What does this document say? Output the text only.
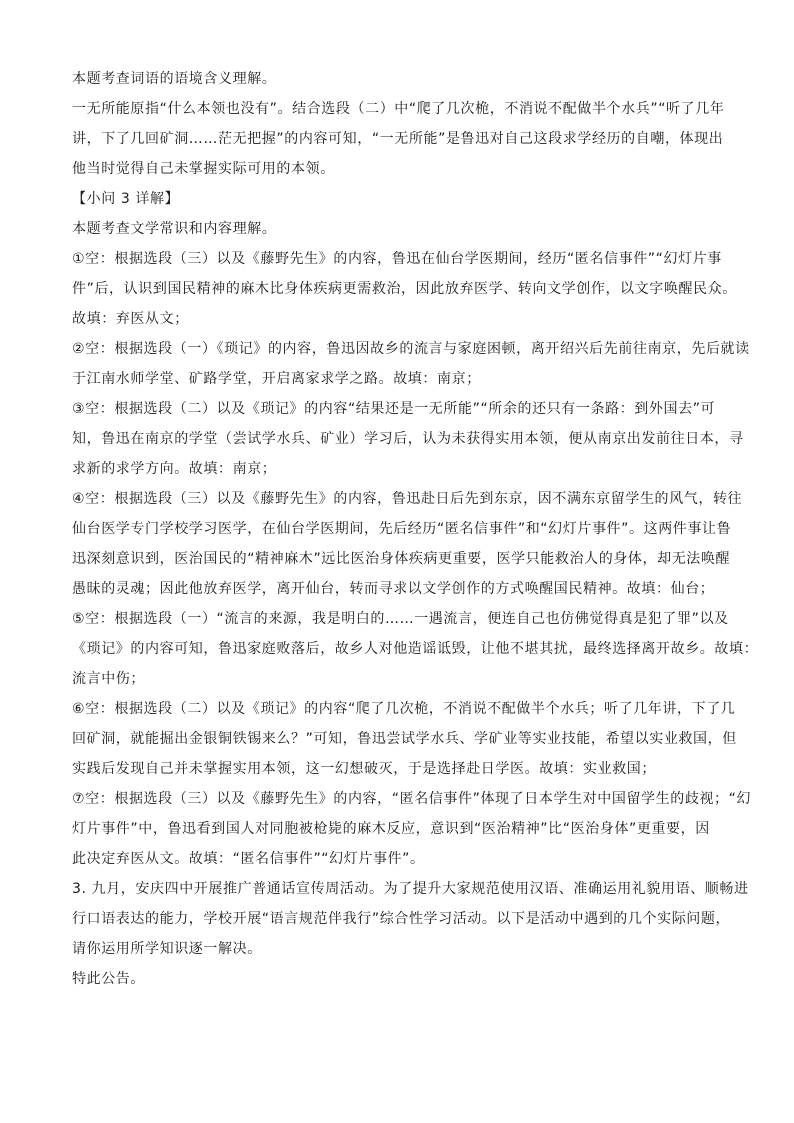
本题考查词语的语境含义理解。
一无所能原指“什么本领也没有”。结合选段（二）中“爬了几次桅，不消说不配做半个水兵”“听了几年
讲，下了几回矿洞……茫无把握”的内容可知，“一无所能”是鲁迅对自己这段求学经历的自嘲，体现出
他当时觉得自己未掌握实际可用的本领。
【小问 3 详解】
本题考查文学常识和内容理解。
①空：根据选段（三）以及《藤野先生》的内容，鲁迅在仙台学医期间，经历“匿名信事件”“幻灯片事
件”后，认识到国民精神的麻木比身体疾病更需救治，因此放弃医学、转向文学创作，以文字唤醒民众。
故填：弃医从文；
②空：根据选段（一）《琐记》的内容，鲁迅因故乡的流言与家庭困顿，离开绍兴后先前往南京，先后就读
于江南水师学堂、矿路学堂，开启离家求学之路。故填：南京；
③空：根据选段（二）以及《琐记》的内容“结果还是一无所能”“所余的还只有一条路：到外国去”可
知，鲁迅在南京的学堂（尝试学水兵、矿业）学习后，认为未获得实用本领，便从南京出发前往日本，寻
求新的求学方向。故填：南京；
④空：根据选段（三）以及《藤野先生》的内容，鲁迅赴日后先到东京，因不满东京留学生的风气，转往
仙台医学专门学校学习医学，在仙台学医期间，先后经历“匿名信事件”和“幻灯片事件”。这两件事让鲁
迅深刻意识到，医治国民的“精神麻木”远比医治身体疾病更重要，医学只能救治人的身体，却无法唤醒
愚昧的灵魂；因此他放弃医学，离开仙台，转而寻求以文学创作的方式唤醒国民精神。故填：仙台；
⑤空：根据选段（一）“流言的来源，我是明白的……一遇流言，便连自己也仿佛觉得真是犯了罪”以及
《琐记》的内容可知，鲁迅家庭败落后，故乡人对他造谣诋毁，让他不堪其扰，最终选择离开故乡。故填：
流言中伤；
⑥空：根据选段（二）以及《琐记》的内容“爬了几次桅，不消说不配做半个水兵；听了几年讲，下了几
回矿洞，就能掘出金银铜铁锡来么？”可知，鲁迅尝试学水兵、学矿业等实业技能，希望以实业救国，但
实践后发现自己并未掌握实用本领，这一幻想破灭，于是选择赴日学医。故填：实业救国；
⑦空：根据选段（三）以及《藤野先生》的内容，“匿名信事件”体现了日本学生对中国留学生的歧视；“幻
灯片事件”中，鲁迅看到国人对同胞被枪毙的麻木反应，意识到“医治精神”比“医治身体”更重要，因
此决定弃医从文。故填：“匿名信事件”“幻灯片事件”。
3. 九月，安庆四中开展推广普通话宣传周活动。为了提升大家规范使用汉语、准确运用礼貌用语、顺畅进
行口语表达的能力，学校开展“语言规范伴我行”综合性学习活动。以下是活动中遇到的几个实际问题，
请你运用所学知识逐一解决。
特此公告。
